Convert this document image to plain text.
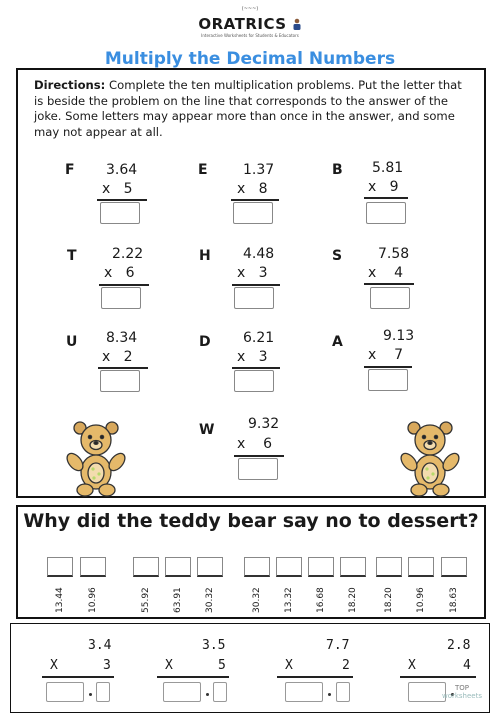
(~~~)
ORATRICS
Interactive Worksheets for Students & Educators
Multiply the Decimal Numbers
Directions: Complete the ten multiplication problems. Put the letter that is beside the problem on the line that corresponds to the answer of the joke. Some letters may appear more than once in the answer, and some may not appear at all.
F 3.64
x   5
E	1.37
x   8
B 5.81
x   9
T	2.22
x   6
H 4.48
x   3
S	7.58
x    4
U 8.34
x   2
D 6.21
x   3
A	9.13
x    7
W 9.32
x    6
Why did the teddy bear say no to dessert?
13.44	10.96	55.92 63.91 30.32	30.32 13.32 16.68 18.20	18.20 10.96	18.63
3.4
X	3
3.5
X	5
7.7
X	2
2.8
X	4
TOP
worksheets
